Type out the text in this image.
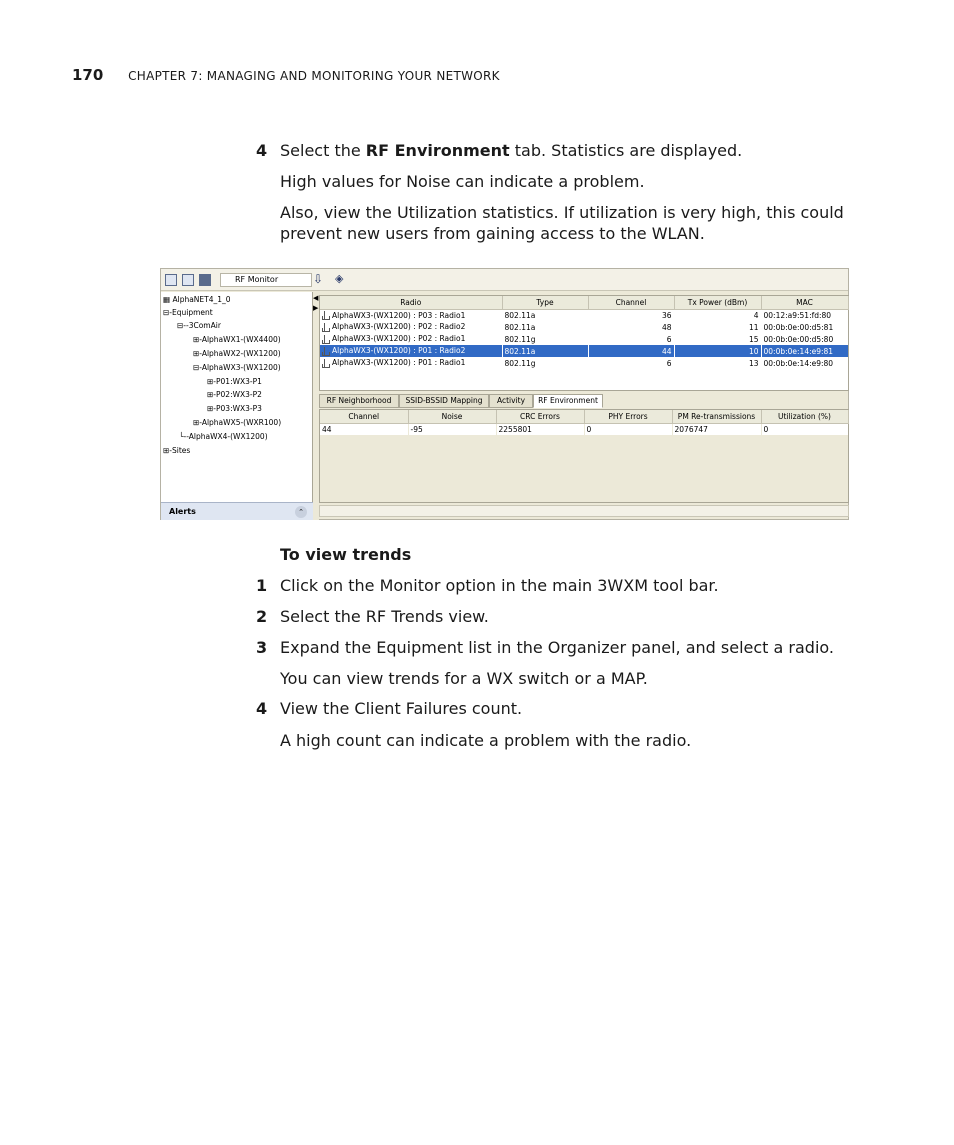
170 CHAPTER 7: MANAGING AND MONITORING YOUR NETWORK
4 Select the RF Environment tab. Statistics are displayed.
High values for Noise can indicate a problem.
Also, view the Utilization statistics. If utilization is very high, this could prevent new users from gaining access to the WLAN.
RF Monitor	⇩ ◈
▦ AlphaNET4_1_0
⊟-Equipment
⊟--3ComAir
⊞-AlphaWX1-(WX4400)
⊞-AlphaWX2-(WX1200)
⊟-AlphaWX3-(WX1200)
⊞-P01:WX3-P1
⊞-P02:WX3-P2
⊞-P03:WX3-P3
⊞-AlphaWX5-(WXR100)
└--AlphaWX4-(WX1200)
⊞-Sites
Alerts	⌃
◀
▶
Radio	Type	Channel	Tx Power (dBm)	MAC
AlphaWX3-(WX1200) : P03 : Radio1	802.11a	36	4	00:12:a9:51:fd:80
AlphaWX3-(WX1200) : P02 : Radio2	802.11a	48	11	00:0b:0e:00:d5:81
AlphaWX3-(WX1200) : P02 : Radio1	802.11g	6	15	00:0b:0e:00:d5:80
AlphaWX3-(WX1200) : P01 : Radio2	802.11a	44	10	00:0b:0e:14:e9:81
AlphaWX3-(WX1200) : P01 : Radio1	802.11g	6	13	00:0b:0e:14:e9:80
RF Neighborhood	SSID-BSSID Mapping	Activity	RF Environment
Channel	Noise	CRC Errors	PHY Errors	PM Re-transmissions	Utilization (%)
44	-95	2255801	0	2076747	0
To view trends
1 Click on the Monitor option in the main 3WXM tool bar.
2 Select the RF Trends view.
3 Expand the Equipment list in the Organizer panel, and select a radio.
You can view trends for a WX switch or a MAP.
4 View the Client Failures count.
A high count can indicate a problem with the radio.
